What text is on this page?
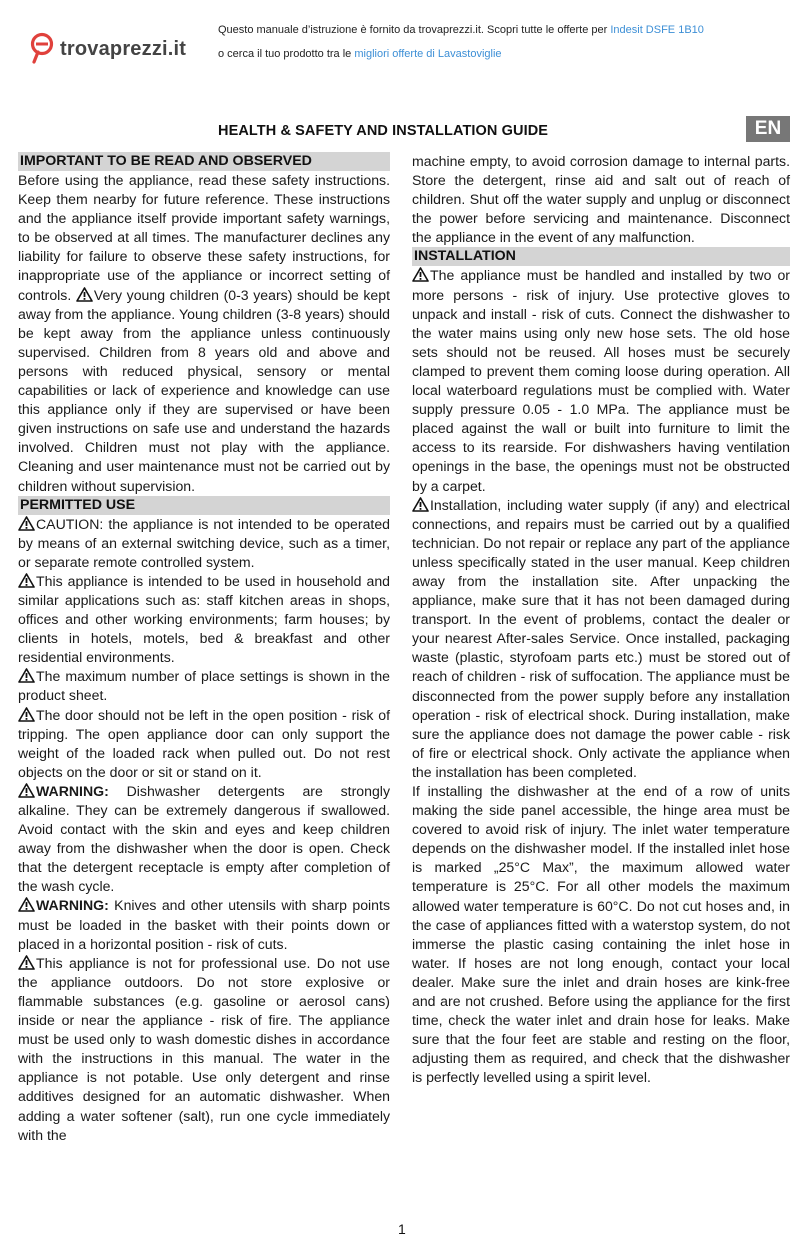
trovaprezzi.it
Questo manuale d’istruzione è fornito da trovaprezzi.it. Scopri tutte le offerte per Indesit DSFE 1B10
o cerca il tuo prodotto tra le migliori offerte di Lavastoviglie
HEALTH & SAFETY AND INSTALLATION GUIDE	EN

IMPORTANT TO BE READ AND OBSERVED

Before using the appliance, read these safety instructions. Keep them nearby for future reference. These instructions and the appliance itself provide important safety warnings, to be observed at all times. The manufacturer declines any liability for failure to observe these safety instructions, for inappropriate use of the appliance or incorrect setting of controls. Very young children (0-3 years) should be kept away from the appliance. Young children (3-8 years) should be kept away from the appliance unless continuously supervised. Children from 8 years old and above and persons with reduced physical, sensory or mental capabilities or lack of experience and knowledge can use this appliance only if they are supervised or have been given instructions on safe use and understand the hazards involved. Children must not play with the appliance. Cleaning and user maintenance must not be carried out by children without supervision.

PERMITTED USE

CAUTION: the appliance is not intended to be operated by means of an external switching device, such as a timer, or separate remote controlled system.

This appliance is intended to be used in household and similar applications such as: staff kitchen areas in shops, offices and other working environments; farm houses; by clients in hotels, motels, bed & breakfast and other residential environments.

The maximum number of place settings is shown in the product sheet.

The door should not be left in the open position - risk of tripping. The open appliance door can only support the weight of the loaded rack when pulled out. Do not rest objects on the door or sit or stand on it.

WARNING: Dishwasher detergents are strongly alkaline. They can be extremely dangerous if swallowed. Avoid contact with the skin and eyes and keep children away from the dishwasher when the door is open. Check that the detergent receptacle is empty after completion of the wash cycle.

WARNING: Knives and other utensils with sharp points must be loaded in the basket with their points down or placed in a horizontal position - risk of cuts.

This appliance is not for professional use. Do not use the appliance outdoors. Do not store explosive or flammable substances (e.g. gasoline or aerosol cans) inside or near the appliance - risk of fire. The appliance must be used only to wash domestic dishes in accordance with the instructions in this manual. The water in the appliance is not potable. Use only detergent and rinse additives designed for an automatic dishwasher. When adding a water softener (salt), run one cycle immediately with the

machine empty, to avoid corrosion damage to internal parts. Store the detergent, rinse aid and salt out of reach of children. Shut off the water supply and unplug or disconnect the power before servicing and maintenance. Disconnect the appliance in the event of any malfunction.

INSTALLATION

The appliance must be handled and installed by two or more persons - risk of injury. Use protective gloves to unpack and install - risk of cuts. Connect the dishwasher to the water mains using only new hose sets. The old hose sets should not be reused. All hoses must be securely clamped to prevent them coming loose during operation. All local waterboard regulations must be complied with. Water supply pressure 0.05 - 1.0 MPa. The appliance must be placed against the wall or built into furniture to limit the access to its rearside. For dishwashers having ventilation openings in the base, the openings must not be obstructed by a carpet.

Installation, including water supply (if any) and electrical connections, and repairs must be carried out by a qualified technician. Do not repair or replace any part of the appliance unless specifically stated in the user manual. Keep children away from the installation site. After unpacking the appliance, make sure that it has not been damaged during transport. In the event of problems, contact the dealer or your nearest After-sales Service. Once installed, packaging waste (plastic, styrofoam parts etc.) must be stored out of reach of children - risk of suffocation. The appliance must be disconnected from the power supply before any installation operation - risk of electrical shock. During installation, make sure the appliance does not damage the power cable - risk of fire or electrical shock. Only activate the appliance when the installation has been completed.

If installing the dishwasher at the end of a row of units making the side panel accessible, the hinge area must be covered to avoid risk of injury. The inlet water temperature depends on the dishwasher model. If the installed inlet hose is marked „25°C Max”, the maximum allowed water temperature is 25°C. For all other models the maximum allowed water temperature is 60°C. Do not cut hoses and, in the case of appliances fitted with a waterstop system, do not immerse the plastic casing containing the inlet hose in water. If hoses are not long enough, contact your local dealer. Make sure the inlet and drain hoses are kink-free and are not crushed. Before using the appliance for the first time, check the water inlet and drain hose for leaks. Make sure that the four feet are stable and resting on the floor, adjusting them as required, and check that the dishwasher is perfectly levelled using a spirit level.

1
